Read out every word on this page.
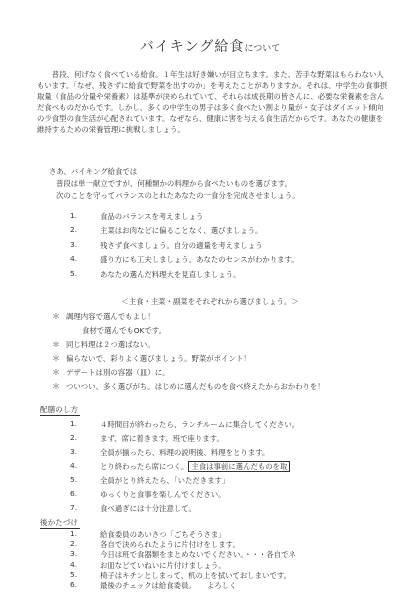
バイキング給食について
普段、何げなく食べている給食。１年生は好き嫌いが目立ちます。また、苦手な野菜はもらわない人もいます。「なぜ、残さずに給食で野菜を出すのか」を考えたことがありますか。それは、中学生の食事摂取量（食品の分量や栄養素）は基準が決められていて、それらは成長期の皆さんに、必要な栄養素を含んだ食べものだからです。しかし、多くの中学生の男子は多く食べたい割より量が・女子はダイエット傾向の少食型の食生活が心配されています。なぜなら、健康に害を与える食生活だからです。あなたの健康を維持するための栄養管理に挑戦しましょう。
さあ、バイキング給食では
普段は単一献立ですが、何種類かの料理から食べたいものを選びます。
次のことを守ってバランスのとれたあなたの一食分を完成させましょう。
1.	食品のバランスを考えましょう
2.	主菜はお肉などに偏ることなく、選びましょう。
3.	残さず食べましょう。自分の適量を考えましょう
4.	盛り方にも工夫しましょう。あなたのセンスがわかります。
5.	あなたの選んだ料理大を見直しましょう。
＜主食・主菜・副菜をそれぞれから選びましょう。＞
＊ 調理内容で選んでもよし！
食材で選んでもOKです。
＊ 同じ料理は２つ選ばない。
＊ 偏らないで、彩りよく選びましょう。野菜がポイント！
＊ デザートは別の容器（皿）に。
＊ ついつい、多く選びがち。はじめに選んだものを食べ終えたからおかわりを！
配膳のし方
1.	４時間目が終わったら、ランチルームに集合してください。
2.	まず、席に着きます。班で座ります。
3.	全員が揃ったら、料理の説明後、料理をとります。
4.	とり終わったら席につく。 主食は事前に選んだものを取
5.	全員がとり終えたら、「いただきます」
6.	ゆっくりと食事を楽しんでください。
7.	食べ過ぎには十分注意して。
後かたづけ
1.	給食委員のあいさつ「ごちそうさま」
2.	各自で決められたように片付けをします。
3.	今日は班で食器類をまとめないでください。・・・各自でネ
4.	お皿などていねいに片付けましょう。
5.	椅子はキチンとしまって、机の上を拭いておしまいです。
6.	最後のチェックは給食委員。　　よろしく
